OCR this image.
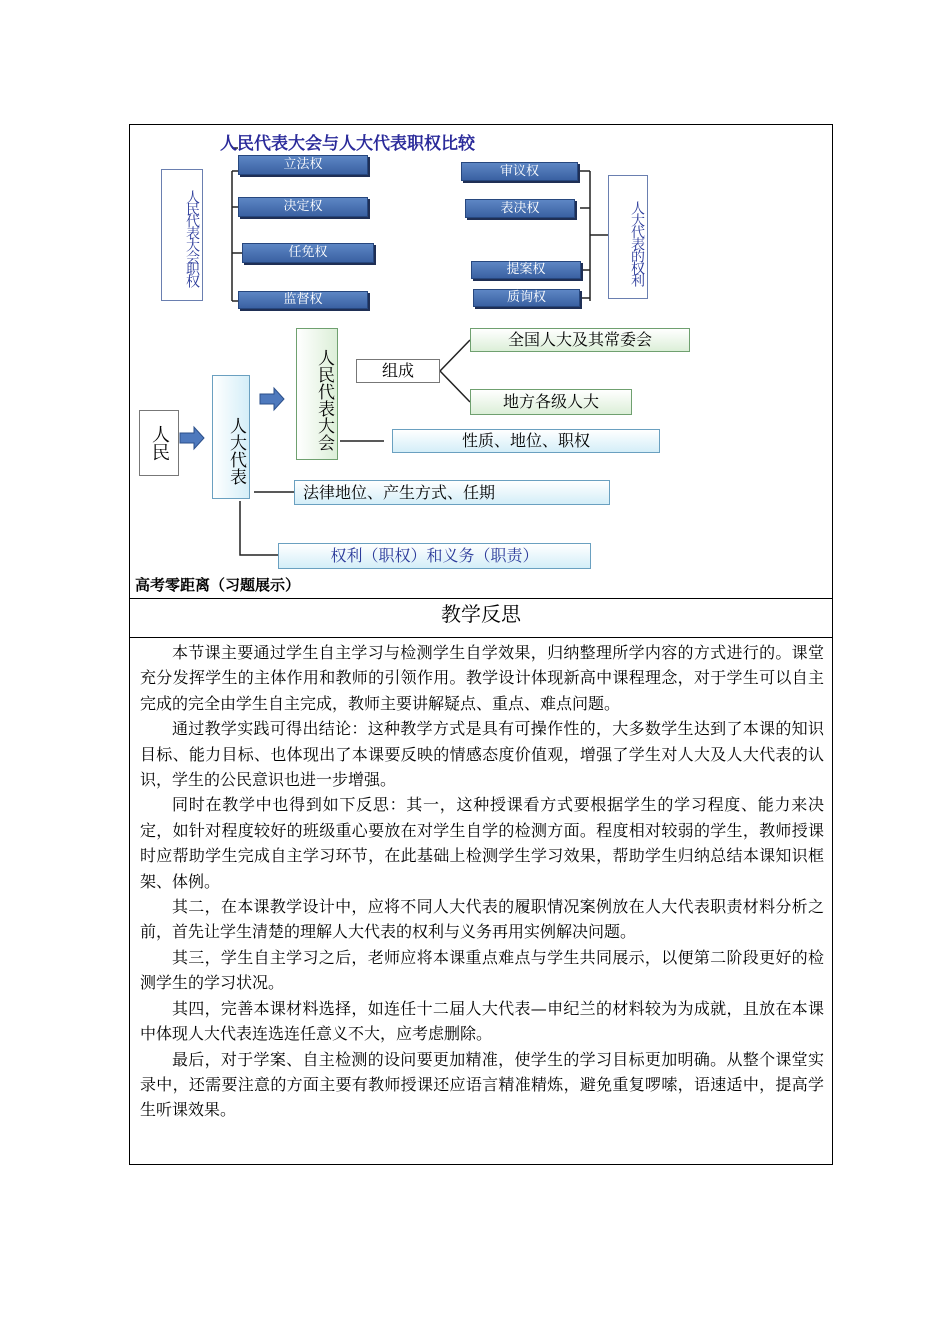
人民代表大会与人大代表职权比较
人民代表大会职权
立法权
决定权
任免权
监督权
审议权
表决权
提案权
质询权
人大代表的权利
人民	人大代表	人民代表大会	组成
全国人大及其常委会
地方各级人大
性质、地位、职权
法律地位、产生方式、任期
权利（职权）和义务（职责）
高考零距离（习题展示）
教学反思

本节课主要通过学生自主学习与检测学生自学效果，归纳整理所学内容的方式进行的。课堂充分发挥学生的主体作用和教师的引领作用。教学设计体现新高中课程理念，对于学生可以自主完成的完全由学生自主完成，教师主要讲解疑点、重点、难点问题。

通过教学实践可得出结论：这种教学方式是具有可操作性的，大多数学生达到了本课的知识目标、能力目标、也体现出了本课要反映的情感态度价值观，增强了学生对人大及人大代表的认识，学生的公民意识也进一步增强。

同时在教学中也得到如下反思：其一，这种授课看方式要根据学生的学习程度、能力来决定，如针对程度较好的班级重心要放在对学生自学的检测方面。程度相对较弱的学生，教师授课时应帮助学生完成自主学习环节，在此基础上检测学生学习效果，帮助学生归纳总结本课知识框架、体例。

其二，在本课教学设计中，应将不同人大代表的履职情况案例放在人大代表职责材料分析之前，首先让学生清楚的理解人大代表的权利与义务再用实例解决问题。

其三，学生自主学习之后，老师应将本课重点难点与学生共同展示，以便第二阶段更好的检测学生的学习状况。

其四，完善本课材料选择，如连任十二届人大代表—申纪兰的材料较为为成就，且放在本课中体现人大代表连选连任意义不大，应考虑删除。

最后，对于学案、自主检测的设问要更加精准，使学生的学习目标更加明确。从整个课堂实录中，还需要注意的方面主要有教师授课还应语言精准精炼，避免重复啰嗦，语速适中，提高学生听课效果。
